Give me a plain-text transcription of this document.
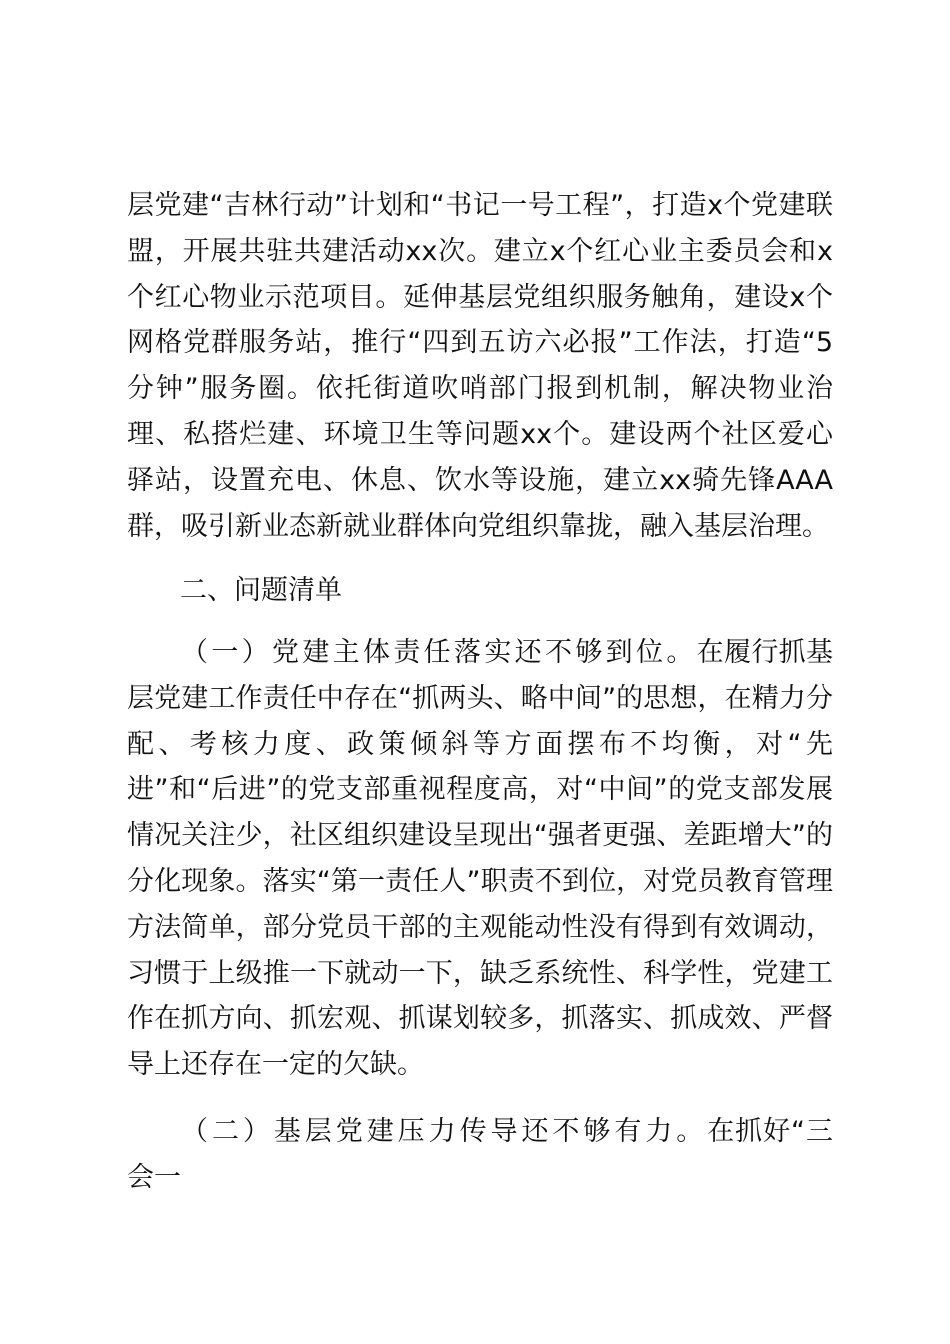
层党建“吉林行动”计划和“书记一号工程”，打造x个党建联盟，开展共驻共建活动xx次。建立x个红心业主委员会和x个红心物业示范项目。延伸基层党组织服务触角，建设x个网格党群服务站，推行“四到五访六必报”工作法，打造“5分钟”服务圈。依托街道吹哨部门报到机制，解决物业治理、私搭烂建、环境卫生等问题xx个。建设两个社区爱心驿站，设置充电、休息、饮水等设施，建立xx骑先锋AAA群，吸引新业态新就业群体向党组织靠拢，融入基层治理。

二、问题清单

（一）党建主体责任落实还不够到位。在履行抓基层党建工作责任中存在“抓两头、略中间”的思想，在精力分配、考核力度、政策倾斜等方面摆布不均衡，对“先进”和“后进”的党支部重视程度高，对“中间”的党支部发展情况关注少，社区组织建设呈现出“强者更强、差距增大”的分化现象。落实“第一责任人”职责不到位，对党员教育管理方法简单，部分党员干部的主观能动性没有得到有效调动，习惯于上级推一下就动一下，缺乏系统性、科学性，党建工作在抓方向、抓宏观、抓谋划较多，抓落实、抓成效、严督导上还存在一定的欠缺。

（二）基层党建压力传导还不够有力。在抓好“三会一
